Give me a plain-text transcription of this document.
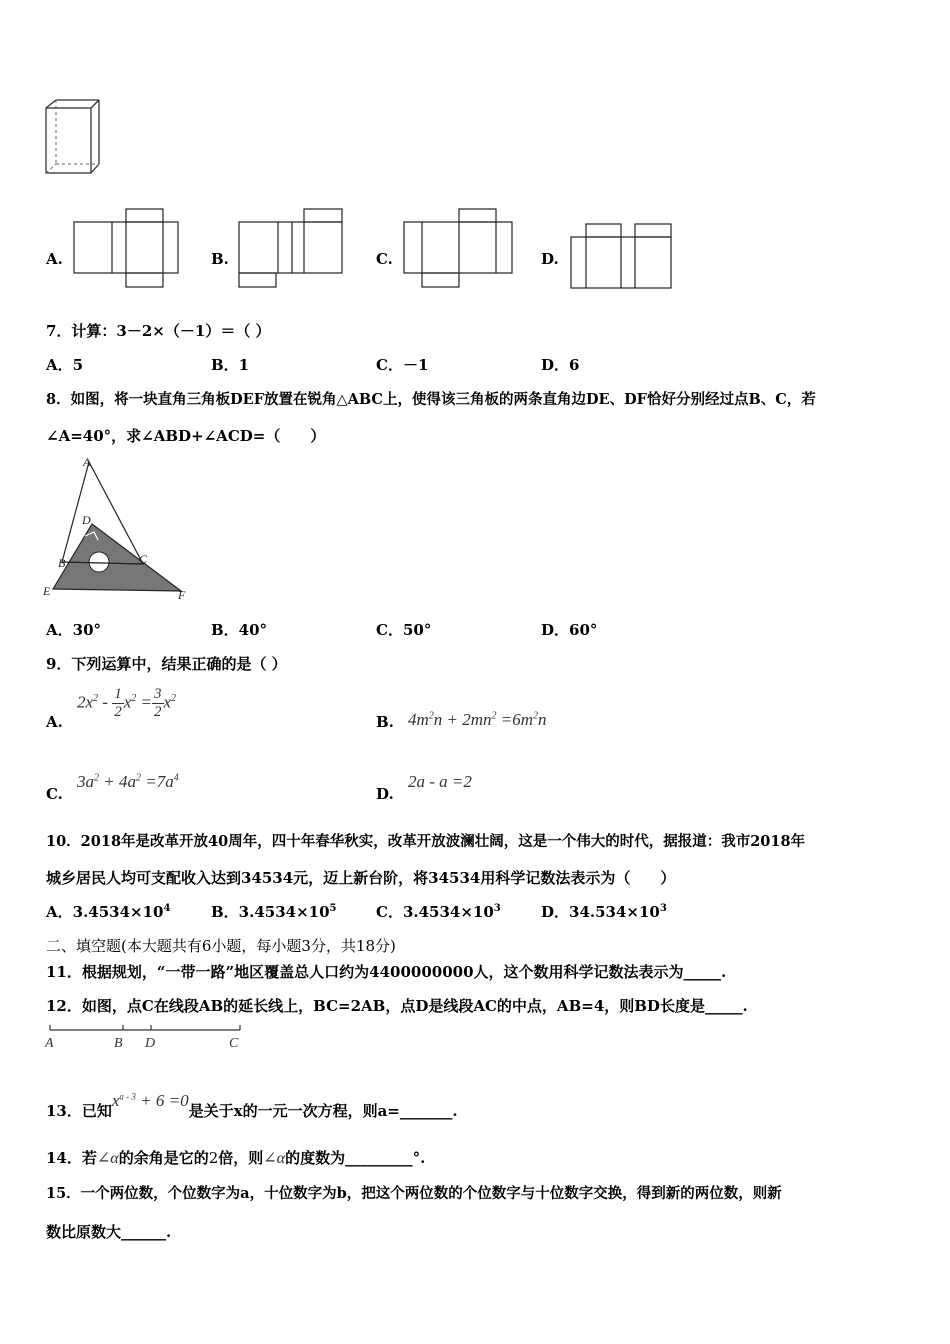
A.	B.	C.	D.
7．计算：3－2×（－1）＝（ ）
A．5	B．1	C．－1	D．6
8．如图，将一块直角三角板DEF放置在锐角△ABC上，使得该三角板的两条直角边DE、DF恰好分别经过点B、C，若
∠A=40°，求∠ABD+∠ACD=（　　）
A
D
B	C
E	F
A．30°	B．40°	C．50°	D．60°
9．下列运算中，结果正确的是（ ）
A.
$2x^2 - \frac{1}{2} x^2 = \frac{3}{2} x^2$
B. $4m^2n + 2mn^2 =6m^2n$
C.
$3a^2 + 4a^2 =7a^4$
D.
2a - a =2
10．2018年是改革开放40周年，四十年春华秋实，改革开放波澜壮阔，这是一个伟大的时代，据报道：我市2018年
城乡居民人均可支配收入达到34534元，迈上新台阶，将34534用科学记数法表示为（　　）
A．$3.4534\times 10^4$	B．$3.4534\times 10^5$	C．$3.4534\times 10^3$	D．$34.534\times 10^3$
二、填空题(本大题共有6小题，每小题3分，共18分)
11．根据规划，“一带一路”地区覆盖总人口约为4400000000人，这个数用科学记数法表示为_____.
12．如图，点C在线段AB的延长线上，BC=2AB，点D是线段AC的中点，AB=4，则BD长度是_____.
A	B D	C
13．已知$x^{a - 3} + 6 =0$是关于x的一元一次方程，则a=_______.
14．若∠α的余角是它的2倍，则∠α的度数为_________°.
15．一个两位数，个位数字为a，十位数字为b，把这个两位数的个位数字与十位数字交换，得到新的两位数，则新
数比原数大______.
